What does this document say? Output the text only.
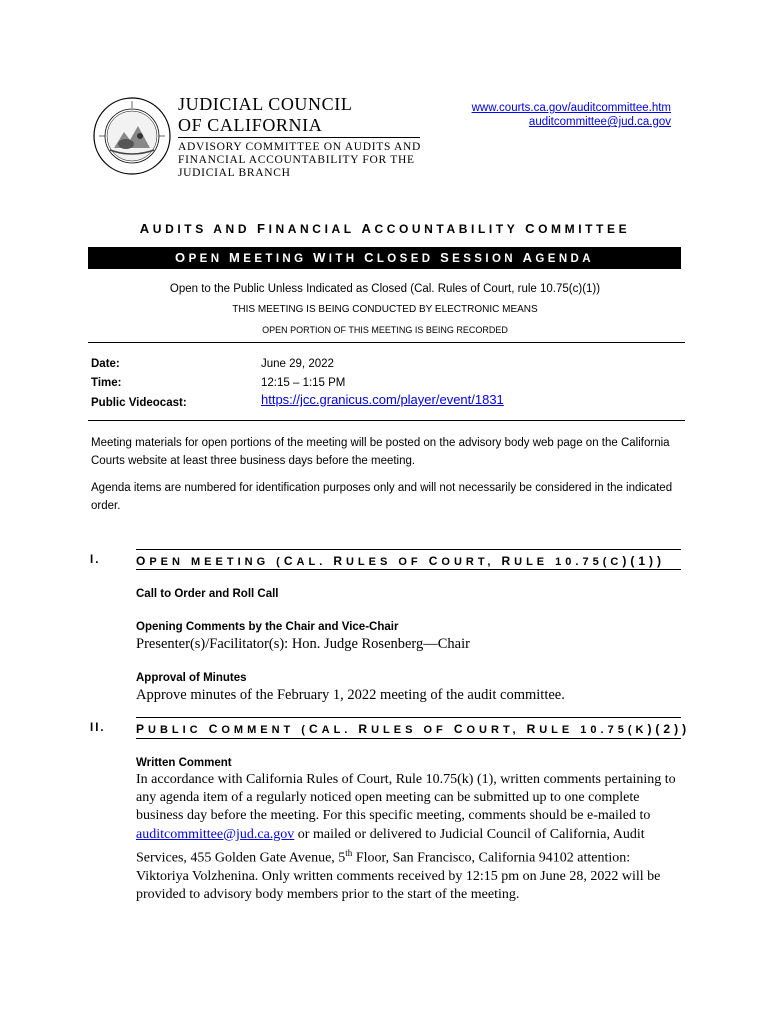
JUDICIAL COUNCIL
OF CALIFORNIA
ADVISORY COMMITTEE ON AUDITS AND
FINANCIAL ACCOUNTABILITY FOR THE
JUDICIAL BRANCH
www.courts.ca.gov/auditcommittee.htm
auditcommittee@jud.ca.gov
AUDITS AND FINANCIAL ACCOUNTABILITY COMMITTEE
OPEN MEETING WITH CLOSED SESSION AGENDA
Open to the Public Unless Indicated as Closed (Cal. Rules of Court, rule 10.75(c)(1))
THIS MEETING IS BEING CONDUCTED BY ELECTRONIC MEANS
OPEN PORTION OF THIS MEETING IS BEING RECORDED
Date:	June 29, 2022
Time:	12:15 – 1:15 PM
Public Videocast:	https://jcc.granicus.com/player/event/1831
Meeting materials for open portions of the meeting will be posted on the advisory body web page on the California Courts website at least three business days before the meeting.
Agenda items are numbered for identification purposes only and will not necessarily be considered in the indicated order.
I.	OPEN MEETING (CAL. RULES OF COURT, RULE 10.75(C)(1))
Call to Order and Roll Call
Opening Comments by the Chair and Vice-Chair
Presenter(s)/Facilitator(s): Hon. Judge Rosenberg—Chair
Approval of Minutes
Approve minutes of the February 1, 2022 meeting of the audit committee.
II.	PUBLIC COMMENT (CAL. RULES OF COURT, RULE 10.75(K)(2))
Written Comment
In accordance with California Rules of Court, Rule 10.75(k) (1), written comments pertaining to any agenda item of a regularly noticed open meeting can be submitted up to one complete business day before the meeting. For this specific meeting, comments should be e-mailed to auditcommittee@jud.ca.gov or mailed or delivered to Judicial Council of California, Audit Services, 455 Golden Gate Avenue, 5th Floor, San Francisco, California 94102 attention: Viktoriya Volzhenina. Only written comments received by 12:15 pm on June 28, 2022 will be provided to advisory body members prior to the start of the meeting.
